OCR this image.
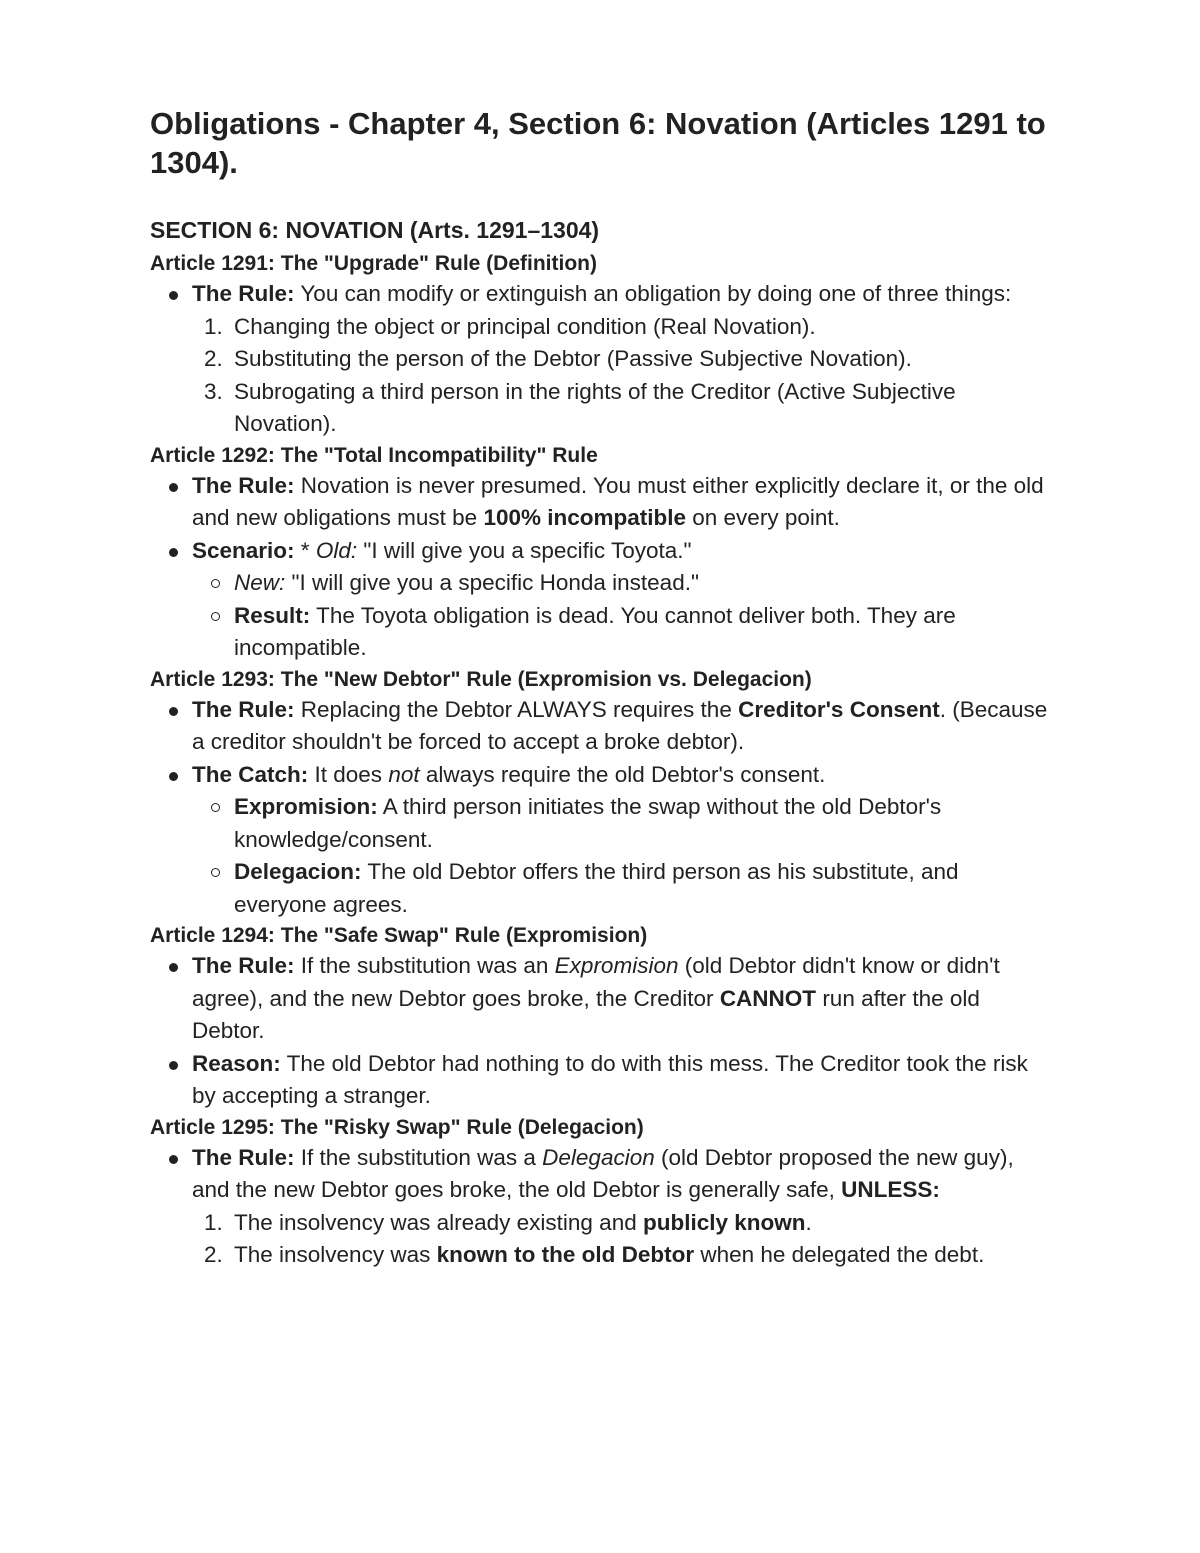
Obligations - Chapter 4, Section 6: Novation (Articles 1291 to 1304).
SECTION 6: NOVATION (Arts. 1291–1304)
Article 1291: The "Upgrade" Rule (Definition)
The Rule: You can modify or extinguish an obligation by doing one of three things:
1. Changing the object or principal condition (Real Novation).
2. Substituting the person of the Debtor (Passive Subjective Novation).
3. Subrogating a third person in the rights of the Creditor (Active Subjective Novation).
Article 1292: The "Total Incompatibility" Rule
The Rule: Novation is never presumed. You must either explicitly declare it, or the old and new obligations must be 100% incompatible on every point.
Scenario: * Old: "I will give you a specific Toyota."
New: "I will give you a specific Honda instead."
Result: The Toyota obligation is dead. You cannot deliver both. They are incompatible.
Article 1293: The "New Debtor" Rule (Expromision vs. Delegacion)
The Rule: Replacing the Debtor ALWAYS requires the Creditor's Consent. (Because a creditor shouldn't be forced to accept a broke debtor).
The Catch: It does not always require the old Debtor's consent.
Expromision: A third person initiates the swap without the old Debtor's knowledge/consent.
Delegacion: The old Debtor offers the third person as his substitute, and everyone agrees.
Article 1294: The "Safe Swap" Rule (Expromision)
The Rule: If the substitution was an Expromision (old Debtor didn't know or didn't agree), and the new Debtor goes broke, the Creditor CANNOT run after the old Debtor.
Reason: The old Debtor had nothing to do with this mess. The Creditor took the risk by accepting a stranger.
Article 1295: The "Risky Swap" Rule (Delegacion)
The Rule: If the substitution was a Delegacion (old Debtor proposed the new guy), and the new Debtor goes broke, the old Debtor is generally safe, UNLESS:
1. The insolvency was already existing and publicly known.
2. The insolvency was known to the old Debtor when he delegated the debt.
